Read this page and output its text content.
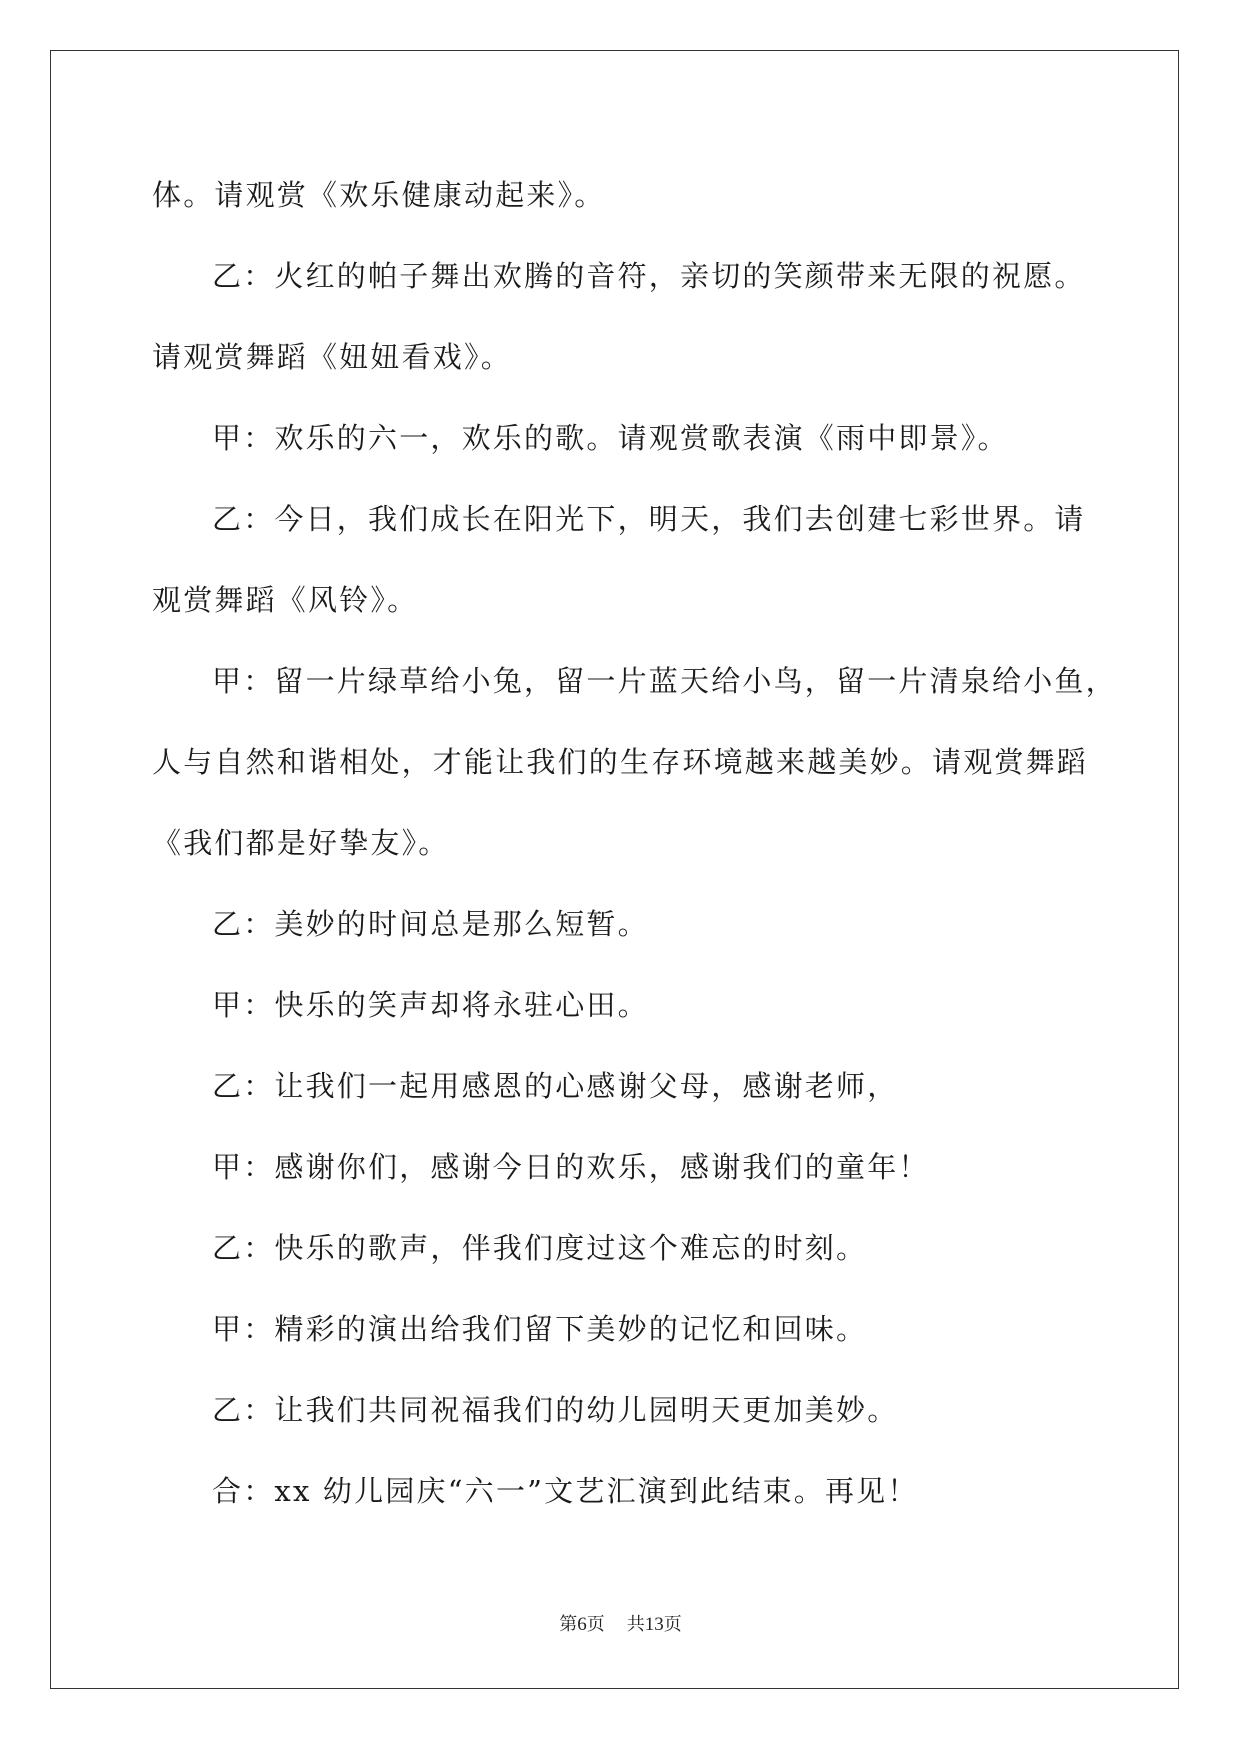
体。请观赏《欢乐健康动起来》。
乙：火红的帕子舞出欢腾的音符，亲切的笑颜带来无限的祝愿。
请观赏舞蹈《妞妞看戏》。
甲：欢乐的六一，欢乐的歌。请观赏歌表演《雨中即景》。
乙：今日，我们成长在阳光下，明天，我们去创建七彩世界。请
观赏舞蹈《风铃》。
甲：留一片绿草给小兔，留一片蓝天给小鸟，留一片清泉给小鱼，
人与自然和谐相处，才能让我们的生存环境越来越美妙。请观赏舞蹈
《我们都是好挚友》。
乙：美妙的时间总是那么短暂。
甲：快乐的笑声却将永驻心田。
乙：让我们一起用感恩的心感谢父母，感谢老师，
甲：感谢你们，感谢今日的欢乐，感谢我们的童年！
乙：快乐的歌声，伴我们度过这个难忘的时刻。
甲：精彩的演出给我们留下美妙的记忆和回味。
乙：让我们共同祝福我们的幼儿园明天更加美妙。
合：xx 幼儿园庆“六一”文艺汇演到此结束。再见！
第6页 共13页
